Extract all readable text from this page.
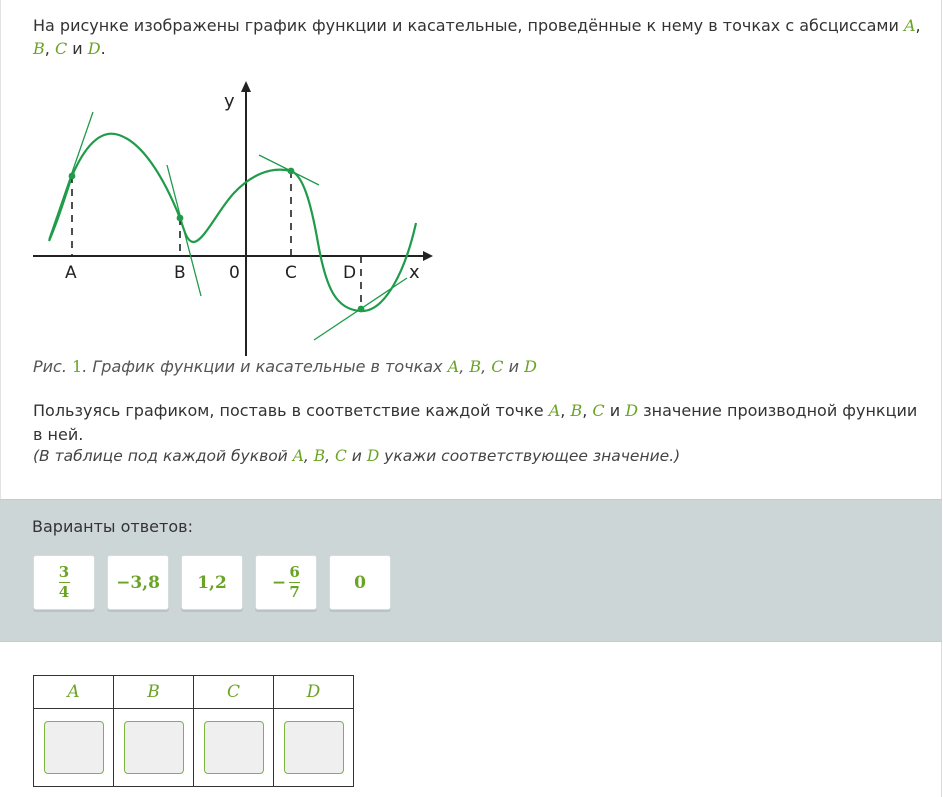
На рисунке изображены график функции и касательные, проведённые к нему в точках с абсциссами A, B, C и D.
y
x
0
A	B	C	D
Рис. 1. График функции и касательные в точках A, B, C и D
Пользуясь графиком, поставь в соответствие каждой точке A, B, C и D значение производной функции в ней.
(В таблице под каждой буквой A, B, C и D укажи соответствующее значение.)
Варианты ответов:
$\frac{3}{4}$	−3,8 1,2	− $\frac{6}{7}$	0
A	B	C	D
